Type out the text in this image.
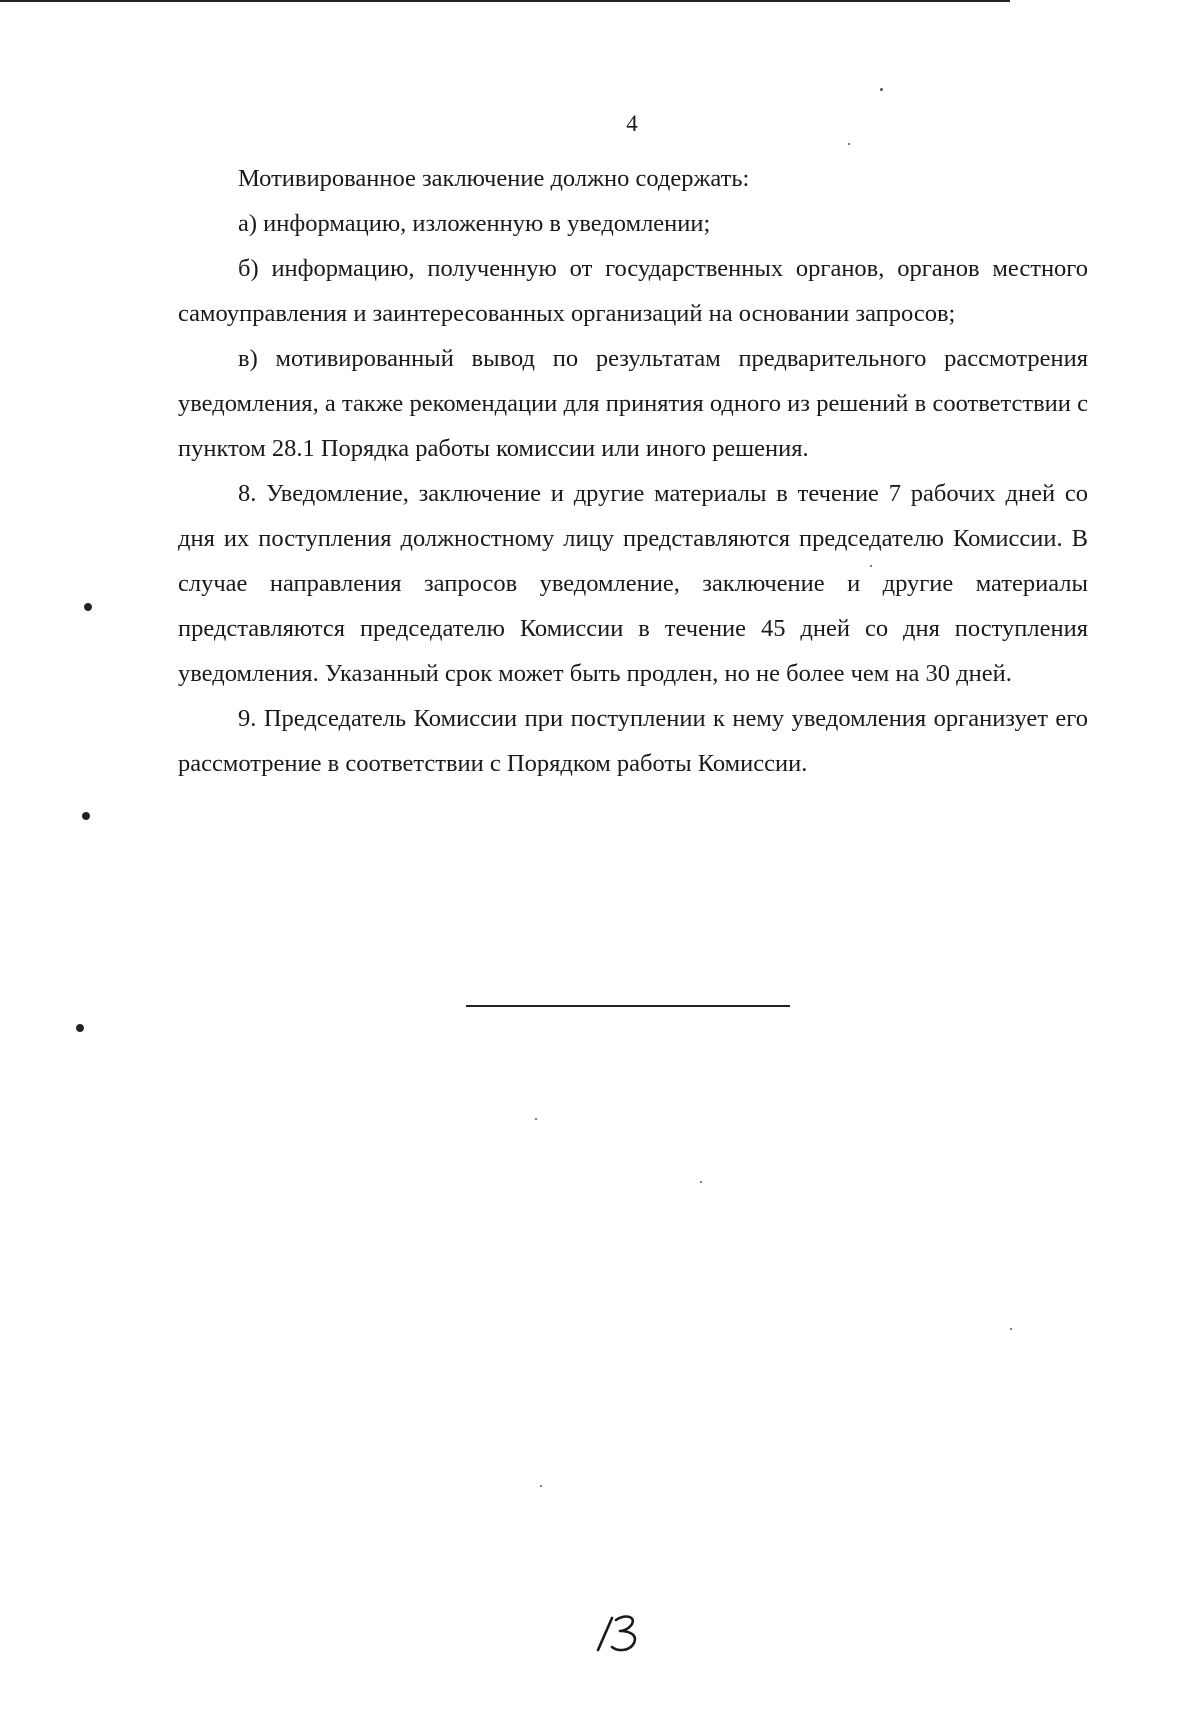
4

Мотивированное заключение должно содержать:

а) информацию, изложенную в уведомлении;

б) информацию, полученную от государственных органов, органов местного самоуправления и заинтересованных организаций на основании запросов;

в) мотивированный вывод по результатам предварительного рассмотрения уведомления, а также рекомендации для принятия одного из решений в соответствии с пунктом 28.1 Порядка работы комиссии или иного решения.

8. Уведомление, заключение и другие материалы в течение 7 рабочих дней со дня их поступления должностному лицу представляются председателю Комиссии. В случае направления запросов уведомление, заключение и другие материалы представляются председателю Комиссии в течение 45 дней со дня поступления уведомления. Указанный срок может быть продлен, но не более чем на 30 дней.

9. Председатель Комиссии при поступлении к нему уведомления организует его рассмотрение в соответствии с Порядком работы Комиссии.
